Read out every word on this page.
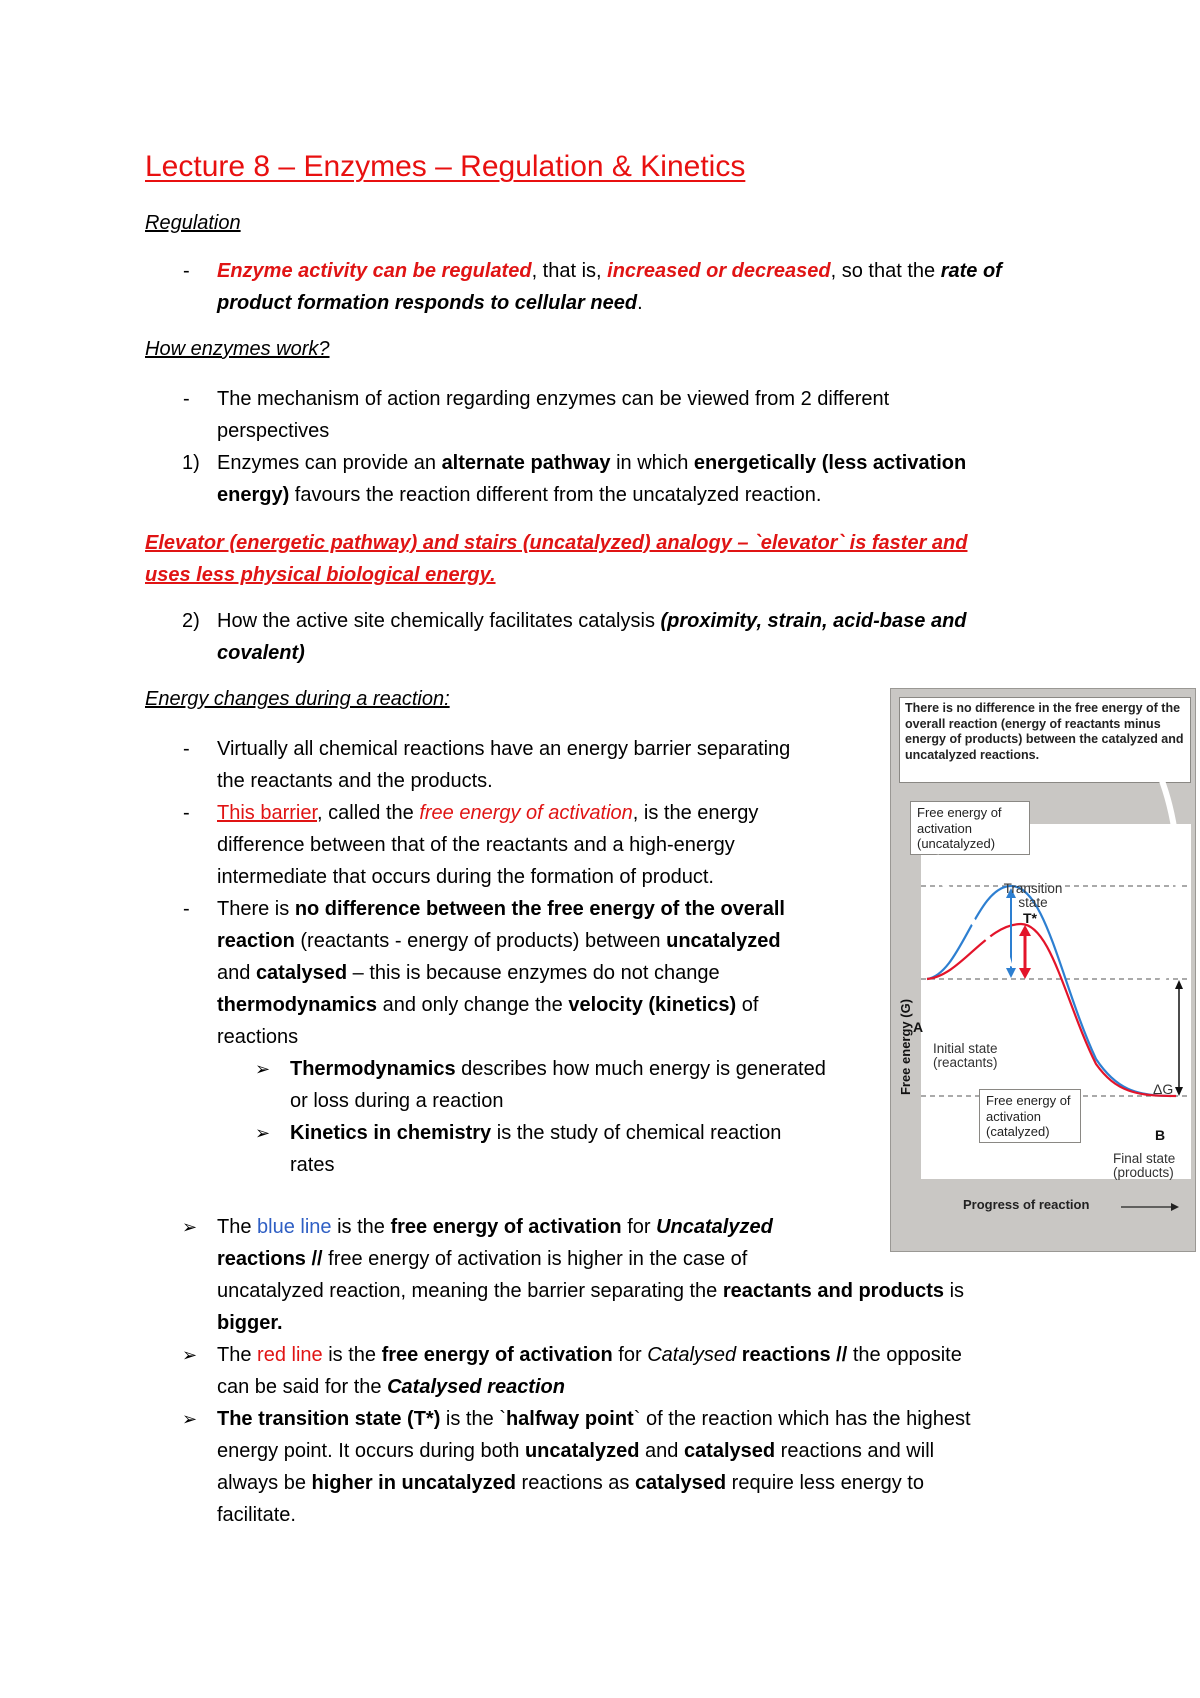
Lecture 8 – Enzymes – Regulation & Kinetics
Regulation
- Enzyme activity can be regulated, that is, increased or decreased, so that the rate of
product formation responds to cellular need.
How enzymes work?
- The mechanism of action regarding enzymes can be viewed from 2 different
perspectives
1) Enzymes can provide an alternate pathway in which energetically (less activation
energy) favours the reaction different from the uncatalyzed reaction.
Elevator (energetic pathway) and stairs (uncatalyzed) analogy – `elevator` is faster and
uses less physical biological energy.
2) How the active site chemically facilitates catalysis (proximity, strain, acid-base and
covalent)
Energy changes during a reaction:
- Virtually all chemical reactions have an energy barrier separating
the reactants and the products.
- This barrier, called the free energy of activation, is the energy
difference between that of the reactants and a high-energy
intermediate that occurs during the formation of product.
- There is no difference between the free energy of the overall
reaction (reactants - energy of products) between uncatalyzed
and catalysed – this is because enzymes do not change
thermodynamics and only change the velocity (kinetics) of
reactions
➢ Thermodynamics describes how much energy is generated
or loss during a reaction
➢ Kinetics in chemistry is the study of chemical reaction
rates
➢ The blue line is the free energy of activation for Uncatalyzed
reactions // free energy of activation is higher in the case of
uncatalyzed reaction, meaning the barrier separating the reactants and products is
bigger.
➢ The red line is the free energy of activation for Catalysed reactions // the opposite
can be said for the Catalysed reaction
➢ The transition state (T*) is the `halfway point` of the reaction which has the highest
energy point. It occurs during both uncatalyzed and catalysed reactions and will
always be higher in uncatalyzed reactions as catalysed require less energy to
facilitate.
There is no difference in the free energy of the overall reaction (energy of reactants minus energy of products) between the catalyzed and uncatalyzed reactions.
Free energy of activation (uncatalyzed)
Free energy of activation (catalyzed)
Transition
state
T*
Free energy (G) A
Initial state
(reactants)
ΔG
B
Final state
(products)
Progress of reaction
